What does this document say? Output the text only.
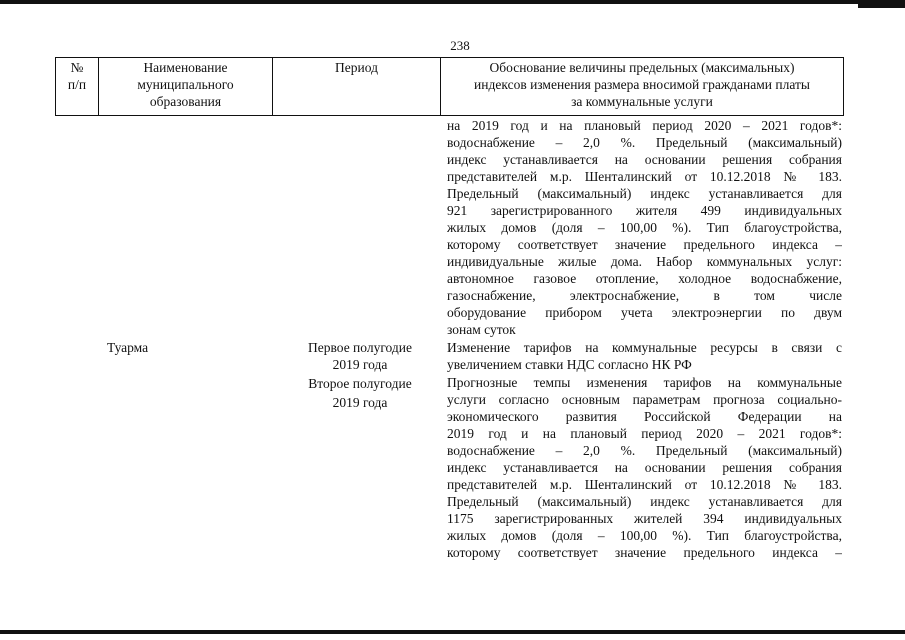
238
№
п/п
Наименование
муниципального
образования
Период	Обоснование величины предельных (максимальных)
индексов изменения размера вносимой гражданами платы
за коммунальные услуги
на 2019 год и на плановый период 2020 – 2021 годов*:
водоснабжение – 2,0 %. Предельный (максимальный)
индекс устанавливается на основании решения собрания
представителей м.р. Шенталинский от 10.12.2018 № 183.
Предельный (максимальный) индекс устанавливается для
921 зарегистрированного жителя 499 индивидуальных
жилых домов (доля – 100,00 %). Тип благоустройства,
которому соответствует значение предельного индекса –
индивидуальные жилые дома. Набор коммунальных услуг:
автономное газовое отопление, холодное водоснабжение,
газоснабжение, электроснабжение, в том числе
оборудование прибором учета электроэнергии по двум
зонам суток
Туарма	Первое полугодие
2019 года
Второе полугодие
2019 года
Изменение тарифов на коммунальные ресурсы в связи с
увеличением ставки НДС согласно НК РФ
Прогнозные темпы изменения тарифов на коммунальные
услуги согласно основным параметрам прогноза социально-
экономического развития Российской Федерации на
2019 год и на плановый период 2020 – 2021 годов*:
водоснабжение – 2,0 %. Предельный (максимальный)
индекс устанавливается на основании решения собрания
представителей м.р. Шенталинский от 10.12.2018 № 183.
Предельный (максимальный) индекс устанавливается для
1175 зарегистрированных жителей 394 индивидуальных
жилых домов (доля – 100,00 %). Тип благоустройства,
которому соответствует значение предельного индекса –
